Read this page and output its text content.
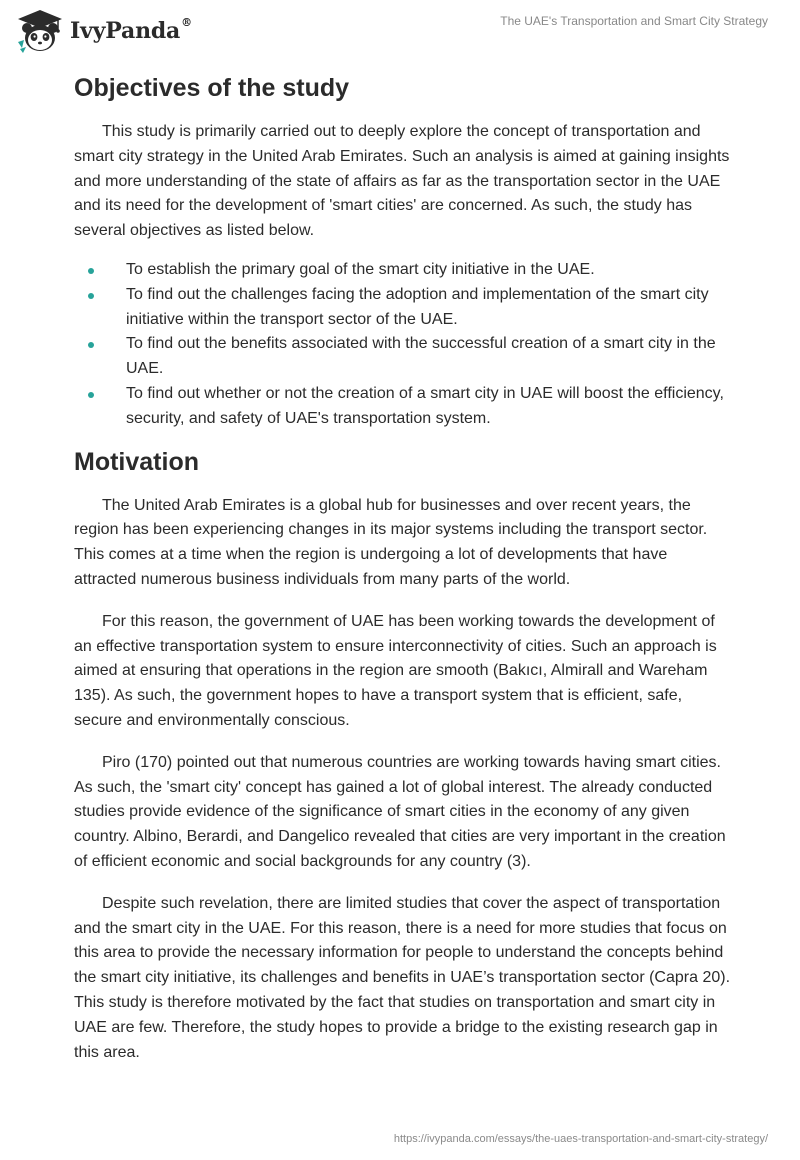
IvyPanda®	The UAE's Transportation and Smart City Strategy
Objectives of the study

This study is primarily carried out to deeply explore the concept of transportation and smart city strategy in the United Arab Emirates. Such an analysis is aimed at gaining insights and more understanding of the state of affairs as far as the transportation sector in the UAE and its need for the development of 'smart cities' are concerned. As such, the study has several objectives as listed below.

To establish the primary goal of the smart city initiative in the UAE.
To find out the challenges facing the adoption and implementation of the smart city initiative within the transport sector of the UAE.
To find out the benefits associated with the successful creation of a smart city in the UAE.
To find out whether or not the creation of a smart city in UAE will boost the efficiency, security, and safety of UAE's transportation system.
Motivation

The United Arab Emirates is a global hub for businesses and over recent years, the region has been experiencing changes in its major systems including the transport sector. This comes at a time when the region is undergoing a lot of developments that have attracted numerous business individuals from many parts of the world.

For this reason, the government of UAE has been working towards the development of an effective transportation system to ensure interconnectivity of cities. Such an approach is aimed at ensuring that operations in the region are smooth (Bakıcı, Almirall and Wareham 135). As such, the government hopes to have a transport system that is efficient, safe, secure and environmentally conscious.

Piro (170) pointed out that numerous countries are working towards having smart cities. As such, the 'smart city' concept has gained a lot of global interest. The already conducted studies provide evidence of the significance of smart cities in the economy of any given country. Albino, Berardi, and Dangelico revealed that cities are very important in the creation of efficient economic and social backgrounds for any country (3).

Despite such revelation, there are limited studies that cover the aspect of transportation and the smart city in the UAE. For this reason, there is a need for more studies that focus on this area to provide the necessary information for people to understand the concepts behind the smart city initiative, its challenges and benefits in UAE’s transportation sector (Capra 20). This study is therefore motivated by the fact that studies on transportation and smart city in UAE are few. Therefore, the study hopes to provide a bridge to the existing research gap in this area.

https://ivypanda.com/essays/the-uaes-transportation-and-smart-city-strategy/
